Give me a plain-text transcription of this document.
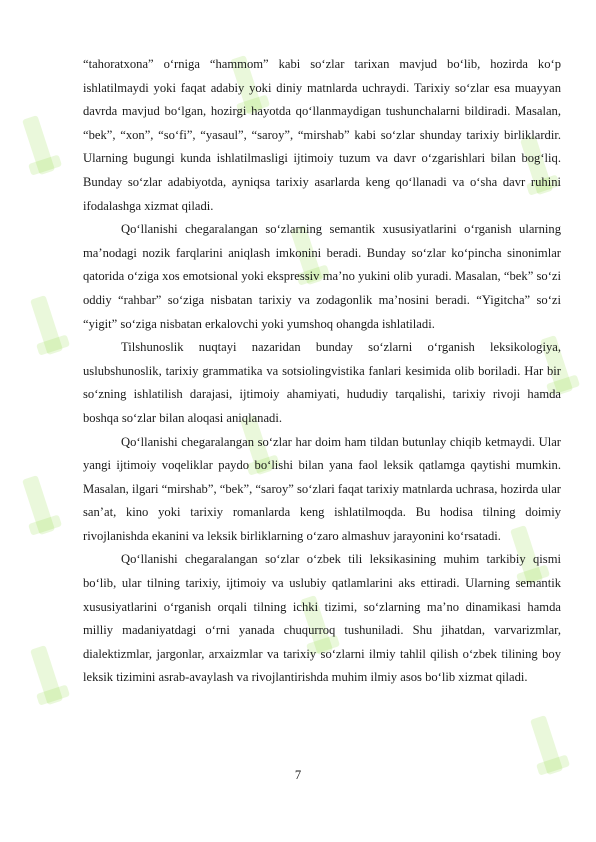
“tahoratxona” o‘rniga “hammom” kabi so‘zlar tarixan mavjud bo‘lib, hozirda ko‘p ishlatilmaydi yoki faqat adabiy yoki diniy matnlarda uchraydi. Tarixiy so‘zlar esa muayyan davrda mavjud bo‘lgan, hozirgi hayotda qo‘llanmaydigan tushunchalarni bildiradi. Masalan, “bek”, “xon”, “so‘fi”, “yasaul”, “saroy”, “mirshab” kabi so‘zlar shunday tarixiy birliklardir. Ularning bugungi kunda ishlatilmasligi ijtimoiy tuzum va davr o‘zgarishlari bilan bog‘liq. Bunday so‘zlar adabiyotda, ayniqsa tarixiy asarlarda keng qo‘llanadi va o‘sha davr ruhini ifodalashga xizmat qiladi.

Qo‘llanishi chegaralangan so‘zlarning semantik xususiyatlarini o‘rganish ularning ma’nodagi nozik farqlarini aniqlash imkonini beradi. Bunday so‘zlar ko‘pincha sinonimlar qatorida o‘ziga xos emotsional yoki ekspressiv ma’no yukini olib yuradi. Masalan, “bek” so‘zi oddiy “rahbar” so‘ziga nisbatan tarixiy va zodagonlik ma’nosini beradi. “Yigitcha” so‘zi “yigit” so‘ziga nisbatan erkalovchi yoki yumshoq ohangda ishlatiladi.

Tilshunoslik nuqtayi nazaridan bunday so‘zlarni o‘rganish leksikologiya, uslubshunoslik, tarixiy grammatika va sotsiolingvistika fanlari kesimida olib boriladi. Har bir so‘zning ishlatilish darajasi, ijtimoiy ahamiyati, hududiy tarqalishi, tarixiy rivoji hamda boshqa so‘zlar bilan aloqasi aniqlanadi.

Qo‘llanishi chegaralangan so‘zlar har doim ham tildan butunlay chiqib ketmaydi. Ular yangi ijtimoiy voqeliklar paydo bo‘lishi bilan yana faol leksik qatlamga qaytishi mumkin. Masalan, ilgari “mirshab”, “bek”, “saroy” so‘zlari faqat tarixiy matnlarda uchrasa, hozirda ular san’at, kino yoki tarixiy romanlarda keng ishlatilmoqda. Bu hodisa tilning doimiy rivojlanishda ekanini va leksik birliklarning o‘zaro almashuv jarayonini ko‘rsatadi.

Qo‘llanishi chegaralangan so‘zlar o‘zbek tili leksikasining muhim tarkibiy qismi bo‘lib, ular tilning tarixiy, ijtimoiy va uslubiy qatlamlarini aks ettiradi. Ularning semantik xususiyatlarini o‘rganish orqali tilning ichki tizimi, so‘zlarning ma’no dinamikasi hamda milliy madaniyatdagi o‘rni yanada chuqurroq tushuniladi. Shu jihatdan, varvarizmlar, dialektizmlar, jargonlar, arxaizmlar va tarixiy so‘zlarni ilmiy tahlil qilish o‘zbek tilining boy leksik tizimini asrab-avaylash va rivojlantirishda muhim ilmiy asos bo‘lib xizmat qiladi.

7
